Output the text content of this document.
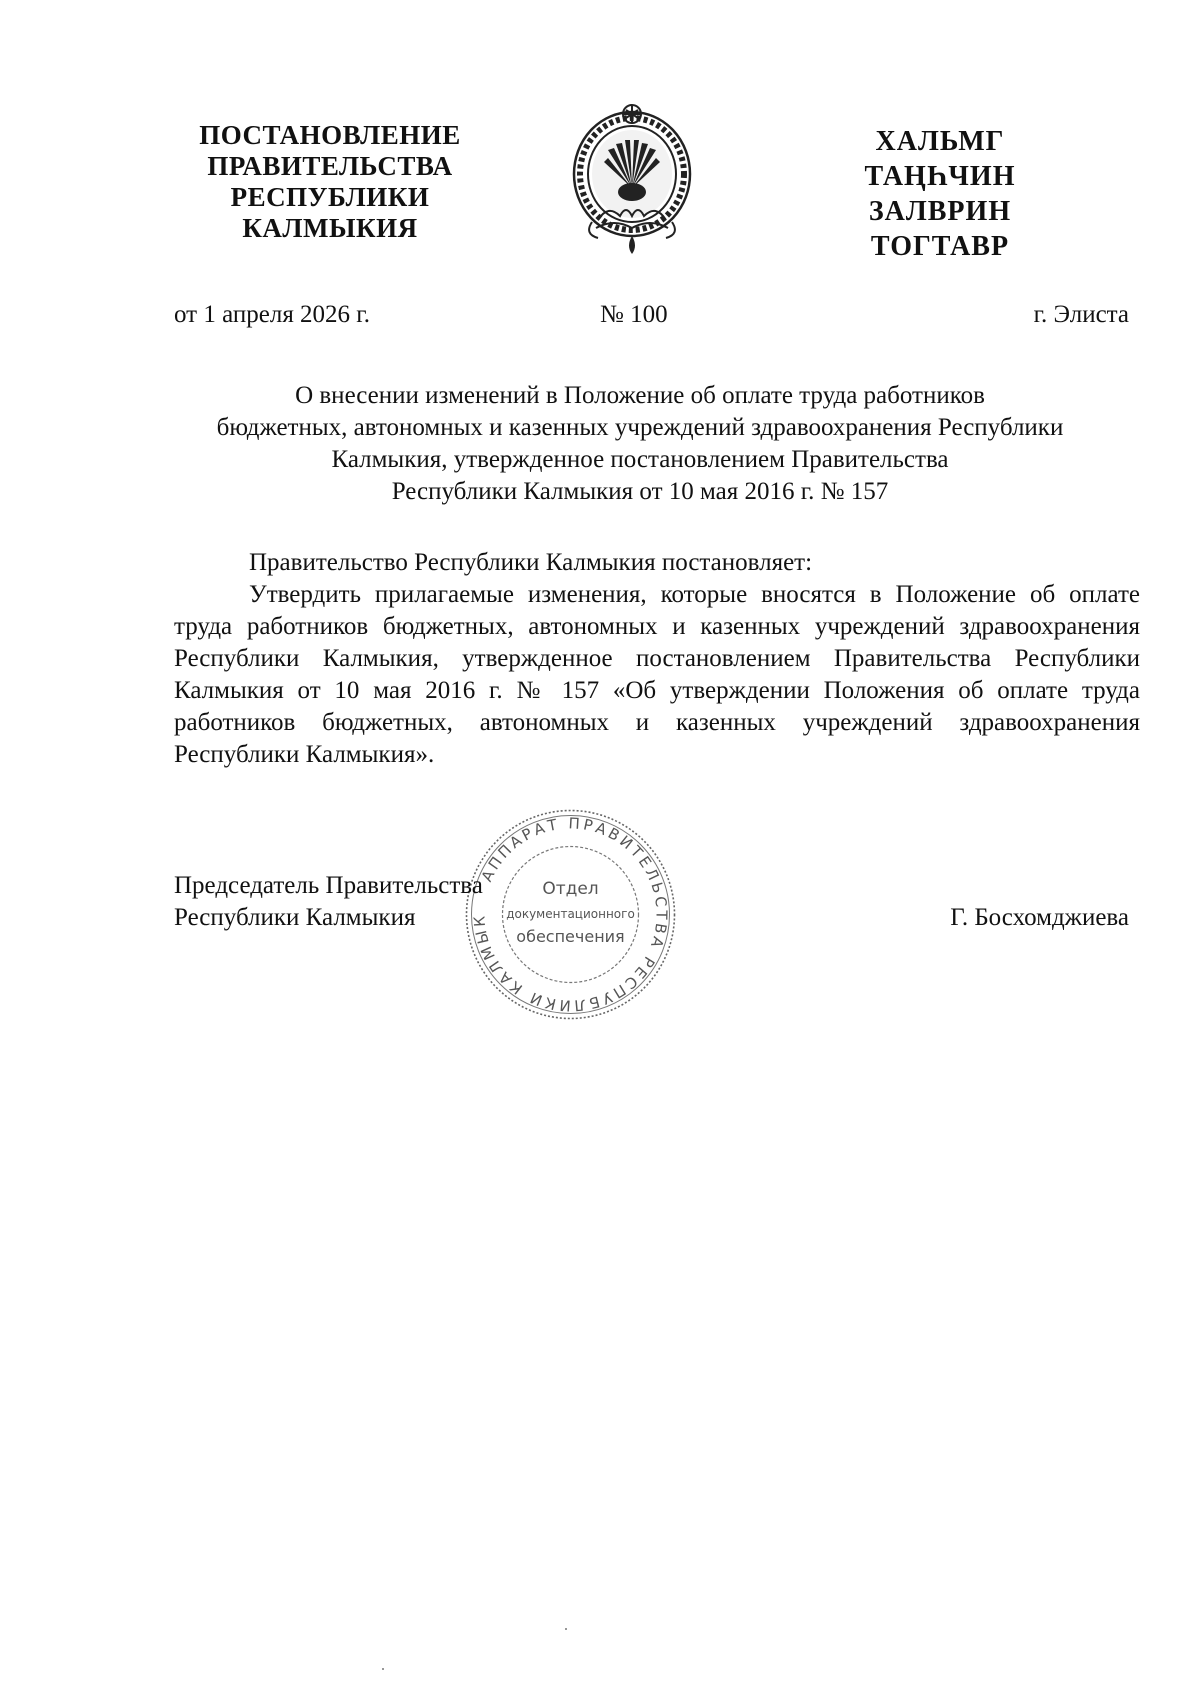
ПОСТАНОВЛЕНИЕ
ПРАВИТЕЛЬСТВА
РЕСПУБЛИКИ
КАЛМЫКИЯ
ХАЛЬМГ
ТАҢҺЧИН
ЗАЛВРИН
ТОГТАВР
от 1 апреля 2026 г.	№ 100	г. Элиста
О внесении изменений в Положение об оплате труда работников
бюджетных, автономных и казенных учреждений здравоохранения Республики
Калмыкия, утвержденное постановлением Правительства
Республики Калмыкия от 10 мая 2016 г. № 157
Правительство Республики Калмыкия постановляет:
Утвердить прилагаемые изменения, которые вносятся в Положение об оплате труда работников бюджетных, автономных и казенных учреждений здравоохранения Республики Калмыкия, утвержденное постановлением Правительства Республики Калмыкия от 10 мая 2016 г. № 157 «Об утверждении Положения об оплате труда работников бюджетных, автономных и казенных учреждений здравоохранения Республики Калмыкия».
АППАРАТ ПРАВИТЕЛЬСТВА РЕСПУБЛИКИ КАЛМЫК
Отдел
документационного
обеспечения
Председатель Правительства
Республики Калмыкия	Г. Босхомджиева
